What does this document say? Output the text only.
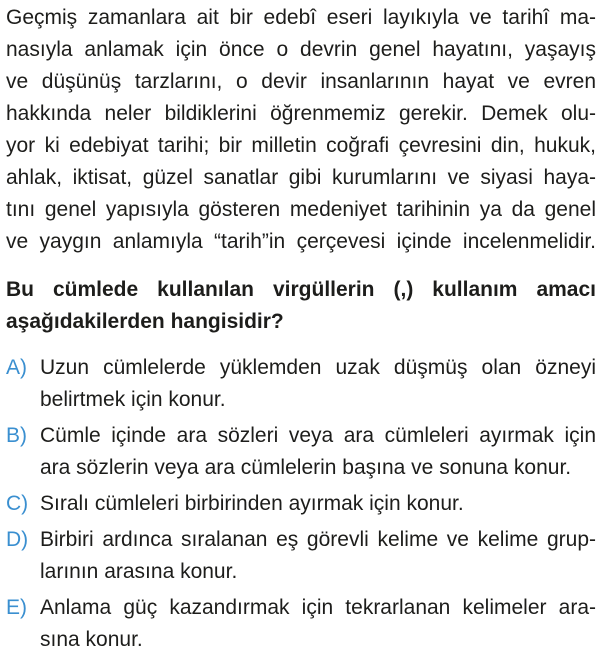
Geçmiş zamanlara ait bir edebî eseri layıkıyla ve tarihî ma-
nasıyla anlamak için önce o devrin genel hayatını, yaşayış
ve düşünüş tarzlarını, o devir insanlarının hayat ve evren
hakkında neler bildiklerini öğrenmemiz gerekir. Demek olu-
yor ki edebiyat tarihi; bir milletin coğrafi çevresini din, hukuk,
ahlak, iktisat, güzel sanatlar gibi kurumlarını ve siyasi haya-
tını genel yapısıyla gösteren medeniyet tarihinin ya da genel
ve yaygın anlamıyla “tarih”in çerçevesi içinde incelenmelidir.
Bu cümlede kullanılan virgüllerin (,) kullanım amacı
aşağıdakilerden hangisidir?
A) Uzun cümlelerde yüklemden uzak düşmüş olan özneyi
belirtmek için konur.
B) Cümle içinde ara sözleri veya ara cümleleri ayırmak için
ara sözlerin veya ara cümlelerin başına ve sonuna konur.
C) Sıralı cümleleri birbirinden ayırmak için konur.
D) Birbiri ardınca sıralanan eş görevli kelime ve kelime grup-
larının arasına konur.
E) Anlama güç kazandırmak için tekrarlanan kelimeler ara-
sına konur.
